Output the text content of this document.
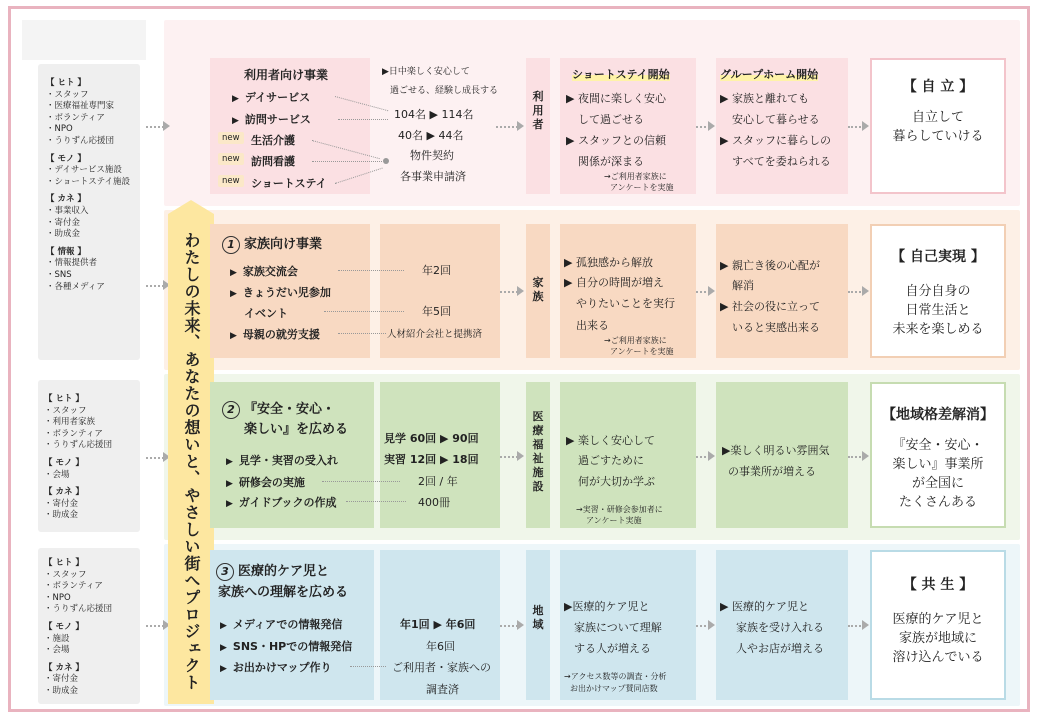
【 ヒト 】
・スタッフ
・医療福祉専門家
・ボランティア
・NPO
・うりずん応援団
【 モノ 】
・デイサービス施設
・ショートステイ施設
【 カネ 】
・事業収入
・寄付金
・助成金
【 情報 】
・情報提供者
・SNS
・各種メディア
【 ヒト 】
・スタッフ
・利用者家族
・ボランティア
・うりずん応援団
【 モノ 】
・会場
【 カネ 】
・寄付金
・助成金
【 ヒト 】
・スタッフ
・ボランティア
・NPO
・うりずん応援団
【 モノ 】
・施設
・会場
【 カネ 】
・寄付金
・助成金	わたしの未来、あなたの想いと、やさしい街へプロジェクト
利用者向け事業
▶ デイサービス
▶ 訪問サービス
new	生活介護
new	訪問看護
new	ショートステイ
▶日中楽しく安心して
過ごせる、経験し成長する
104名 ▶ 114名
40名 ▶ 44名
物件契約
各事業申請済
利
用
者
ショートステイ開始
▶ 夜間に楽しく安心
して過ごせる
▶ スタッフとの信頼
関係が深まる
→ご利用者家族に
アンケートを実施
グループホーム開始
▶ 家族と離れても
安心して暮らせる
▶ スタッフに暮らしの
すべてを委ねられる
【 自 立 】
自立して
暮らしていける
1 家族向け事業
▶ 家族交流会
▶ きょうだい児参加
イベント
▶ 母親の就労支援
年2回
年5回
人材紹介会社と提携済
家
族
▶ 孤独感から解放
▶ 自分の時間が増え
やりたいことを実行
出来る
→ご利用者家族に
アンケートを実施
▶ 親亡き後の心配が
解消
▶ 社会の役に立って
いると実感出来る
【 自己実現 】
自分自身の
日常生活と
未来を楽しめる
2 『安全・安心・
楽しい』を広める
▶ 見学・実習の受入れ
▶ 研修会の実施
▶ ガイドブックの作成
見学 60回 ▶ 90回
実習 12回 ▶ 18回
2回 / 年
400冊
医
療
福
祉
施
設
▶ 楽しく安心して
過ごすために
何が大切か学ぶ
→実習・研修会参加者に
アンケート実施
▶楽しく明るい雰囲気
の事業所が増える
【地域格差解消】
『安全・安心・
楽しい』事業所
が全国に
たくさんある
3 医療的ケア児と
家族への理解を広める
▶ メディアでの情報発信
▶ SNS・HPでの情報発信
▶ お出かけマップ作り
年1回 ▶ 年6回
年6回
ご利用者・家族への
調査済
地
域
▶医療的ケア児と
家族について理解
する人が増える
→アクセス数等の調査・分析
お出かけマップ賛同店数
▶ 医療的ケア児と
家族を受け入れる
人やお店が増える
【 共 生 】
医療的ケア児と
家族が地域に
溶け込んでいる
